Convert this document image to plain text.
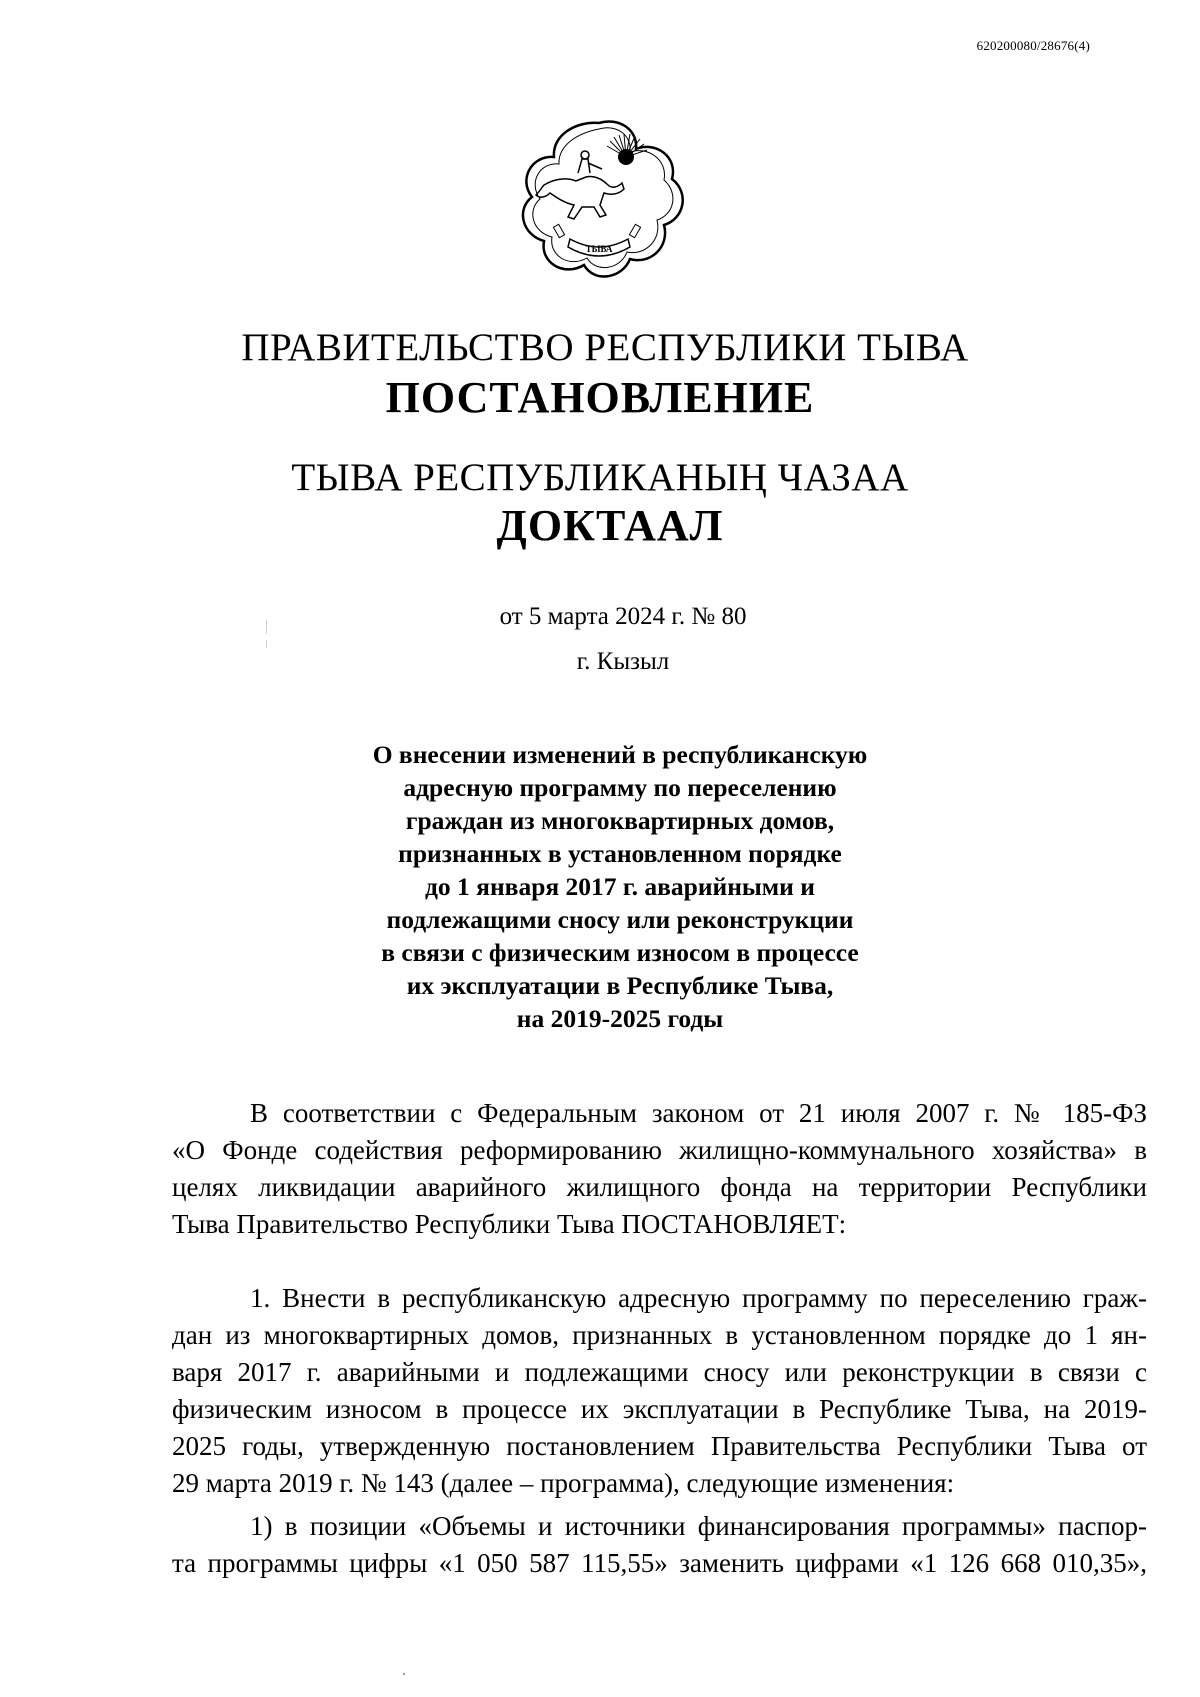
620200080/28676(4)
ТЫВА
ПРАВИТЕЛЬСТВО РЕСПУБЛИКИ ТЫВА
ПОСТАНОВЛЕНИЕ
ТЫВА РЕСПУБЛИКАНЫҢ ЧАЗАА
ДОКТААЛ
от 5 марта 2024 г. № 80
г. Кызыл
О внесении изменений в республиканскую
адресную программу по переселению
граждан из многоквартирных домов,
признанных в установленном порядке
до 1 января 2017 г. аварийными и
подлежащими сносу или реконструкции
в связи с физическим износом в процессе
их эксплуатации в Республике Тыва,
на 2019-2025 годы
В соответствии с Федеральным законом от 21 июля 2007 г. № 185-ФЗ
«О Фонде содействия реформированию жилищно-коммунального хозяйства» в
целях ликвидации аварийного жилищного фонда на территории Республики
Тыва Правительство Республики Тыва ПОСТАНОВЛЯЕТ:
1. Внести в республиканскую адресную программу по переселению граж-
дан из многоквартирных домов, признанных в установленном порядке до 1 ян-
варя 2017 г. аварийными и подлежащими сносу или реконструкции в связи с
физическим износом в процессе их эксплуатации в Республике Тыва, на 2019-
2025 годы, утвержденную постановлением Правительства Республики Тыва от
29 марта 2019 г. № 143 (далее – программа), следующие изменения:
1) в позиции «Объемы и источники финансирования программы» паспор-
та программы цифры «1 050 587 115,55» заменить цифрами «1 126 668 010,35»,
